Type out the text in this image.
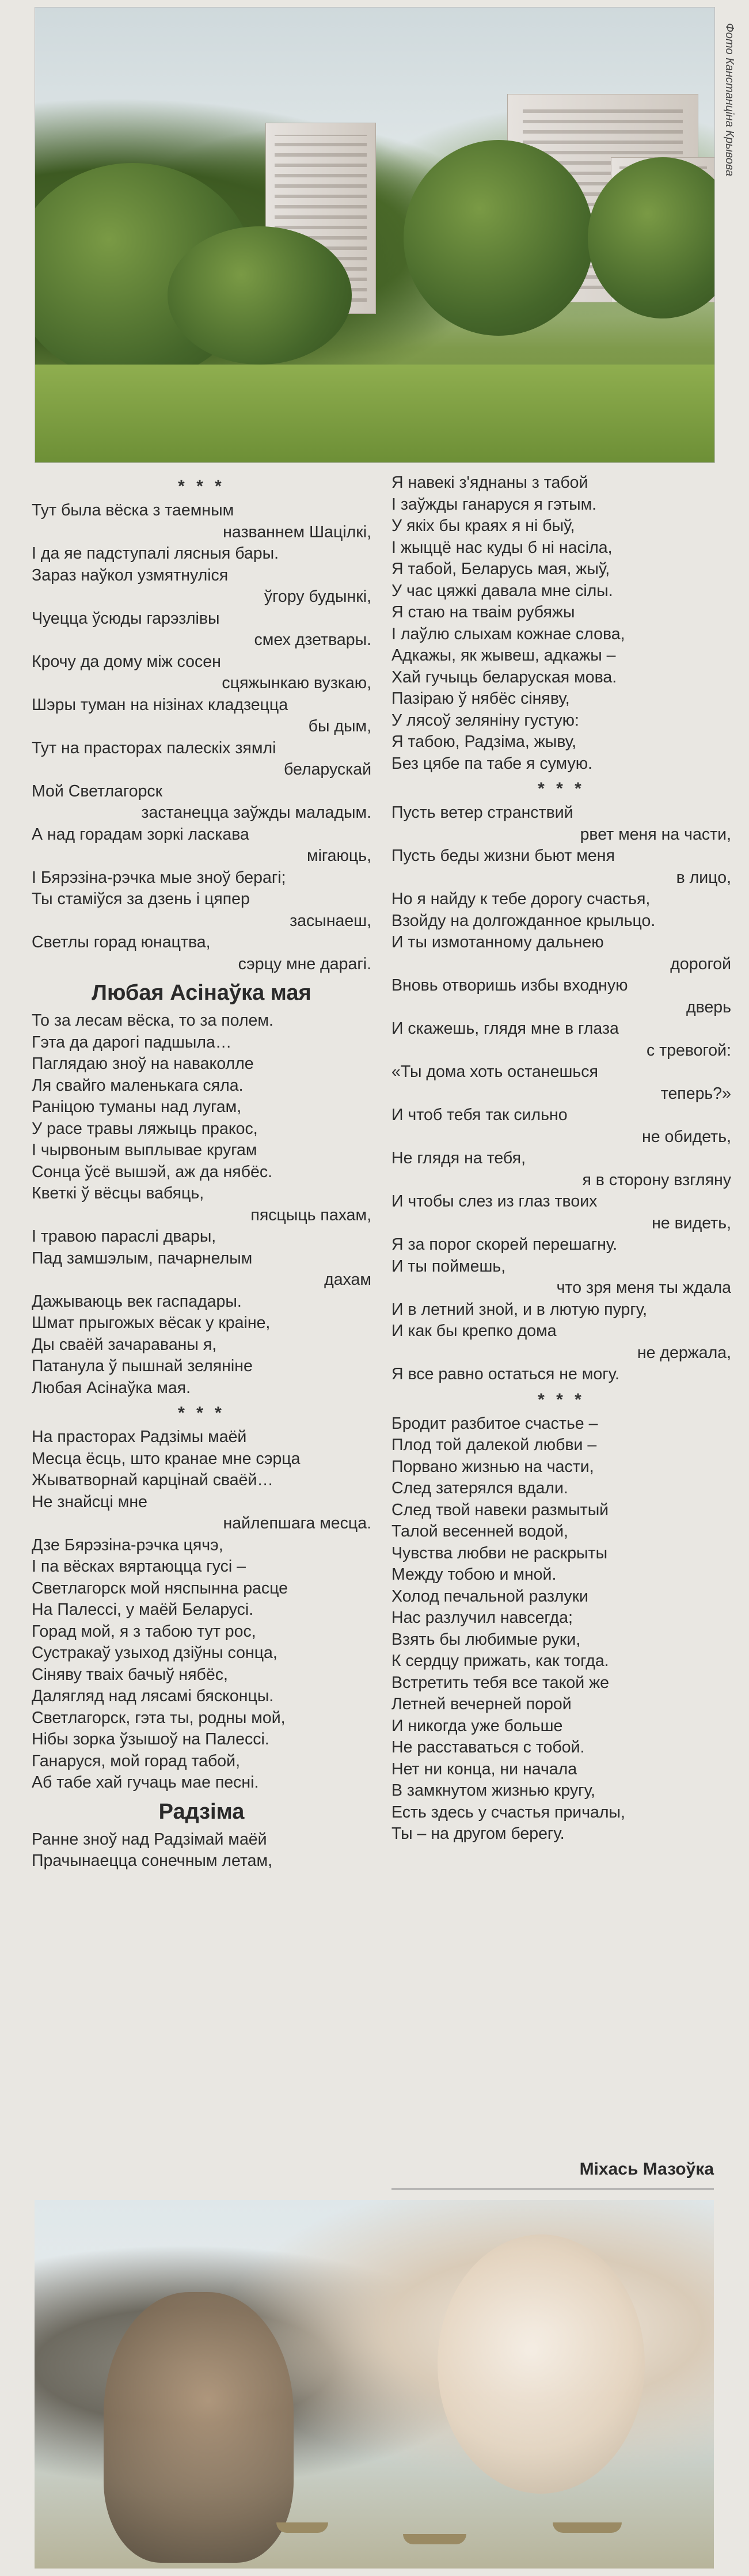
Фото Канстанціна Крывова
* * *
Тут была вёска з таемным
названнем Шацілкі,
І да яе падступалі лясныя бары.
Зараз наўкол узмятнуліся
ўгору будынкі,
Чуецца ўсюды гарэзлівы
смех дзетвары.
Крочу да дому між сосен
сцяжынкаю вузкаю,
Шэры туман на нізінах кладзецца
бы дым,
Тут на прасторах палескіх зямлі
беларускай
Мой Светлагорск
застанецца заўжды маладым.
А над горадам зоркі ласкава
мігаюць,
І Бярэзіна-рэчка мые зноў берагі;
Ты стаміўся за дзень і цяпер
засынаеш,
Светлы горад юнацтва,
сэрцу мне дарагі.
Любая Асінаўка мая
То за лесам вёска, то за полем.
Гэта да дарогі падшыла…
Пагляд​аю зноў на наваколле
Ля свайго маленькага сяла.
Раніцою туманы над лугам,
У расе травы ляжыць пракос,
І чырвоным выплывае кругам
Сонца ўсё вышэй, аж да нябёс.
Кветкі ў вёсцы вабяць,
пясцыць пахам,
І травою параслі двары,
Пад замшэлым, пачарнелым
дахам
Дажываюць век гаспадары.
Шмат прыгожых вёсак у краіне,
Ды сваёй зачараваны я,
Патанула ў пышнай зеляніне
Любая Асінаўка мая.
* * *
На прасторах Радзімы маёй
Месца ёсць, што кранае мне сэрца
Жыватворнай карцінай сваёй…
Не знайсці мне
найлепшага месца.
Дзе Бярэзіна-рэчка цячэ,
І па вёсках вяртаюцца гусі –
Светлагорск мой няспынна расце
На Палессі, у маёй Беларусі.
Горад мой, я з табою тут рос,
Сустракаў узыход дзіўны сонца,
Сіняву тваіх бачыў нябёс,
Далягляд над лясамі бясконцы.
Светлагорск, гэта ты, родны мой,
Нібы зорка ўзышоў на Палессі.
Ганаруся, мой горад табой,
Аб табе хай гучаць мае песні.
Радзіма
Ранне зноў над Радзімай маёй
Прачынаецца сонечным летам,
Я навекі з'яднаны з табой
І заўжды ганаруся я гэтым.
У якіх бы краях я ні быў,
І жыццё нас куды б ні насіла,
Я табой, Беларусь мая, жыў,
У час цяжкі давала мне сілы.
Я стаю на тваім рубяжы
І лаўлю слыхам кожнае слова,
Адкажы, як жывеш, адкажы –
Хай гучыць беларуская мова.
Пазіраю ў нябёс сіняву,
У лясоў зеляніну густую:
Я табою, Радзіма, жыву,
Без цябе па табе я сумую.
* * *
Пусть ветер странствий
рвет меня на части,
Пусть беды жизни бьют меня
в лицо,
Но я найду к тебе дорогу счастья,
Взойду на долгожданное крыльцо.
И ты измотанному дальнею
дорогой
Вновь отворишь избы входную
дверь
И скажешь, глядя мне в глаза
с тревогой:
«Ты дома хоть останешься
теперь?»
И чтоб тебя так сильно
не обидеть,
Не глядя на тебя,
я в сторону взгляну
И чтобы слез из глаз твоих
не видеть,
Я за порог скорей перешагну.
И ты поймешь,
что зря меня ты ждала
И в летний зной, и в лютую пургу,
И как бы крепко дома
не держала,
Я все равно остаться не могу.
* * *
Бродит разбитое счастье –
Плод той далекой любви –
Порвано жизнью на части,
След затерялся вдали.
След твой навеки размытый
Талой весенней водой,
Чувства любви не раскрыты
Между тобою и мной.
Холод печальной разлуки
Нас разлучил навсегда;
Взять бы любимые руки,
К сердцу прижать, как тогда.
Встретить тебя все такой же
Летней вечерней порой
И никогда уже больше
Не расставаться с тобой.
Нет ни конца, ни начала
В замкнутом жизнью кругу,
Есть здесь у счастья причалы,
Ты – на другом берегу.
Міхась Мазоўка
